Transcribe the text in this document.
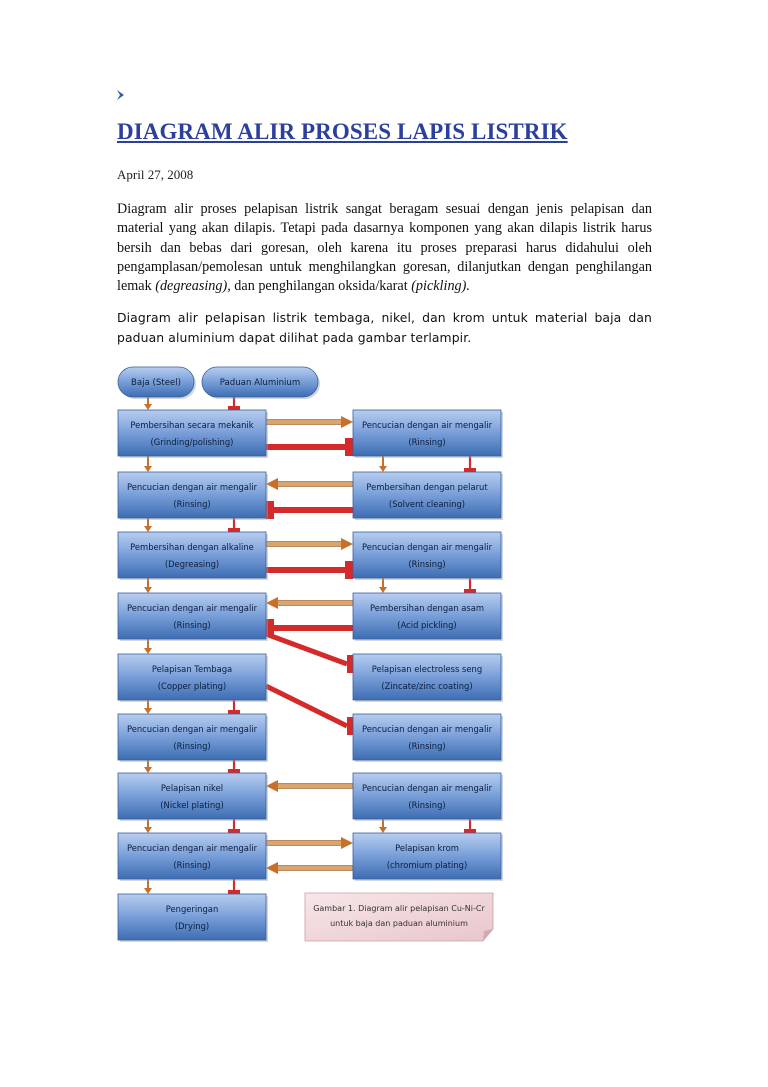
DIAGRAM ALIR PROSES LAPIS LISTRIK
April 27, 2008

Diagram alir proses pelapisan listrik sangat beragam sesuai dengan jenis pelapisan dan material yang akan dilapis. Tetapi pada dasarnya komponen yang akan dilapis listrik harus bersih dan bebas dari goresan, oleh karena itu proses preparasi harus didahului oleh pengamplasan/pemolesan untuk menghilangkan goresan, dilanjutkan dengan penghilangan lemak (degreasing), dan penghilangan oksida/karat (pickling).

Diagram alir pelapisan listrik tembaga, nikel, dan krom untuk material baja dan paduan aluminium dapat dilihat pada gambar terlampir.

Baja (Steel)	Paduan Aluminium
Pembersihan secara mekanik
(Grinding/polishing)
Pencucian dengan air mengalir
(Rinsing)
Pembersihan dengan alkaline
(Degreasing)
Pencucian dengan air mengalir
(Rinsing)
Pelapisan Tembaga
(Copper plating)
Pencucian dengan air mengalir
(Rinsing)
Pelapisan nikel
(Nickel plating)
Pencucian dengan air mengalir
(Rinsing)
Pengeringan
(Drying)
Pencucian dengan air mengalir
(Rinsing)
Pembersihan dengan pelarut
(Solvent cleaning)
Pencucian dengan air mengalir
(Rinsing)
Pembersihan dengan asam
(Acid pickling)
Pelapisan electroless seng
(Zincate/zinc coating)
Pencucian dengan air mengalir
(Rinsing)
Pencucian dengan air mengalir
(Rinsing)
Pelapisan krom
(chromium plating)
Gambar 1. Diagram alir pelapisan Cu-Ni-Cr
untuk baja dan paduan aluminium
